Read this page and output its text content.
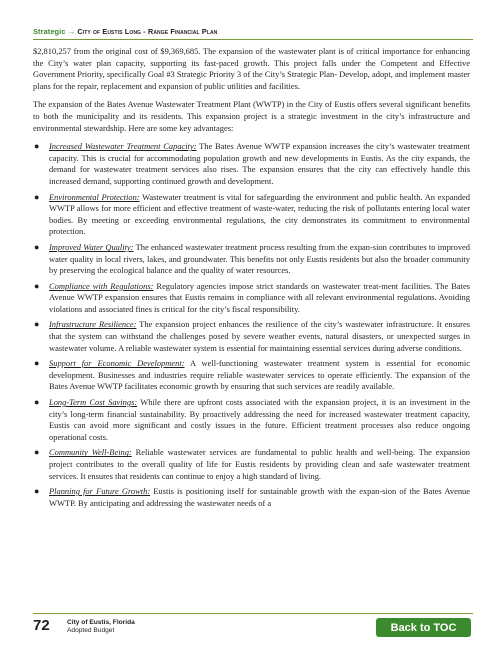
Strategic → City of Eustis Long - Range Financial Plan

$2,810,257 from the original cost of $9,369,685. The expansion of the wastewater plant is of critical importance for enhancing the City’s water plan capacity, supporting its fast-paced growth. This project falls under the Competent and Effective Government Priority, specifically Goal #3 Strategic Priority 3 of the City’s Strategic Plan- Develop, adopt, and implement master plans for the repair, replacement and expansion of public utilities and facilities.

The expansion of the Bates Avenue Wastewater Treatment Plant (WWTP) in the City of Eustis offers several significant benefits to both the municipality and its residents. This expansion project is a strategic investment in the city’s infrastructure and environmental stewardship. Here are some key advantages:

● Increased Wastewater Treatment Capacity: The Bates Avenue WWTP expansion increases the city’s wastewater treatment capacity. This is crucial for accommodating population growth and new developments in Eustis. As the city expands, the demand for wastewater treatment services also rises. The expansion ensures that the city can effectively handle this increased demand, supporting continued growth and development.
● Environmental Protection: Wastewater treatment is vital for safeguarding the environment and public health. An expanded WWTP allows for more efficient and effective treatment of waste-water, reducing the risk of pollutants entering local water bodies. By meeting or exceeding environmental regulations, the city demonstrates its commitment to environmental protection.
● Improved Water Quality: The enhanced wastewater treatment process resulting from the expan-sion contributes to improved water quality in local rivers, lakes, and groundwater. This benefits not only Eustis residents but also the broader community by preserving the ecological balance and the quality of water resources.
● Compliance with Regulations: Regulatory agencies impose strict standards on wastewater treat-ment facilities. The Bates Avenue WWTP expansion ensures that Eustis remains in compliance with all relevant environmental regulations. Avoiding violations and associated fines is critical for the city’s fiscal responsibility.
● Infrastructure Resilience: The expansion project enhances the resilience of the city’s wastewater infrastructure. It ensures that the system can withstand the challenges posed by severe weather events, natural disasters, or unexpected surges in wastewater volume. A reliable wastewater system is essential for maintaining essential services during adverse conditions.
● Support for Economic Development: A well-functioning wastewater treatment system is essential for economic development. Businesses and industries require reliable wastewater services to operate efficiently. The expansion of the Bates Avenue WWTP facilitates economic growth by ensuring that such services are readily available.
● Long-Term Cost Savings: While there are upfront costs associated with the expansion project, it is an investment in the city’s long-term financial sustainability. By proactively addressing the need for increased wastewater treatment capacity, Eustis can avoid more significant and costly issues in the future. Efficient treatment processes also reduce ongoing operational costs.
● Community Well-Being: Reliable wastewater services are fundamental to public health and well-being. The expansion project contributes to the overall quality of life for Eustis residents by providing clean and safe wastewater treatment services. It ensures that residents can continue to enjoy a high standard of living.
● Planning for Future Growth: Eustis is positioning itself for sustainable growth with the expan-sion of the Bates Avenue WWTP. By anticipating and addressing the wastewater needs of a
72	City of Eustis, Florida
Adopted Budget	Back to TOC
